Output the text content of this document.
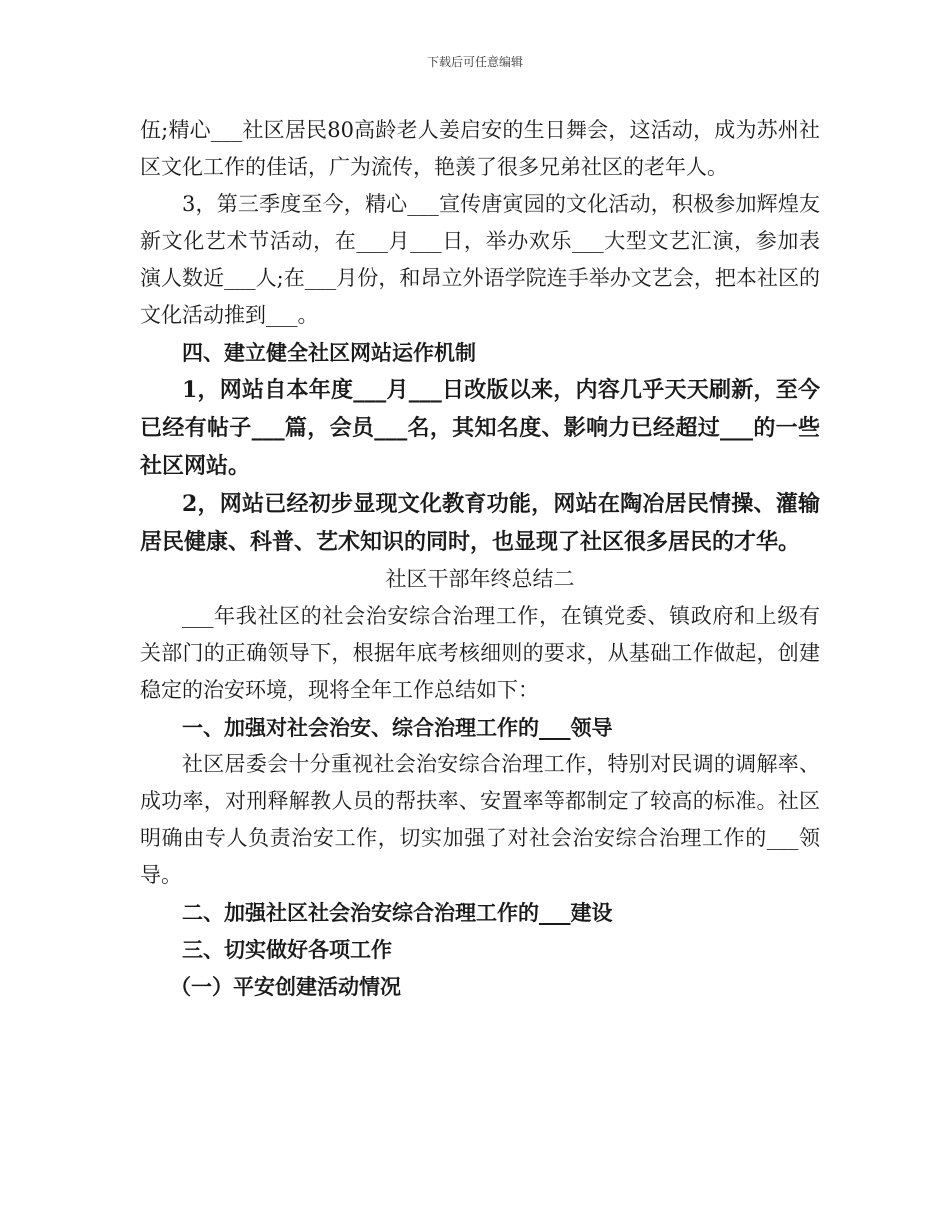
下载后可任意编辑

伍;精心___社区居民80高龄老人姜启安的生日舞会，这活动，成为苏州社区文化工作的佳话，广为流传，艳羡了很多兄弟社区的老年人。

3，第三季度至今，精心___宣传唐寅园的文化活动，积极参加辉煌友新文化艺术节活动，在___月___日，举办欢乐___大型文艺汇演，参加表演人数近___人;在___月份，和昂立外语学院连手举办文艺会，把本社区的文化活动推到___。

四、建立健全社区网站运作机制

1，网站自本年度___月___日改版以来，内容几乎天天刷新，至今已经有帖子___篇，会员___名，其知名度、影响力已经超过___的一些社区网站。

2，网站已经初步显现文化教育功能，网站在陶冶居民情操、灌输居民健康、科普、艺术知识的同时，也显现了社区很多居民的才华。

社区干部年终总结二

___年我社区的社会治安综合治理工作，在镇党委、镇政府和上级有关部门的正确领导下，根据年底考核细则的要求，从基础工作做起，创建稳定的治安环境，现将全年工作总结如下：

一、加强对社会治安、综合治理工作的___领导

社区居委会十分重视社会治安综合治理工作，特别对民调的调解率、成功率，对刑释解教人员的帮扶率、安置率等都制定了较高的标准。社区明确由专人负责治安工作，切实加强了对社会治安综合治理工作的___领导。

二、加强社区社会治安综合治理工作的___建设

三、切实做好各项工作

（一）平安创建活动情况
